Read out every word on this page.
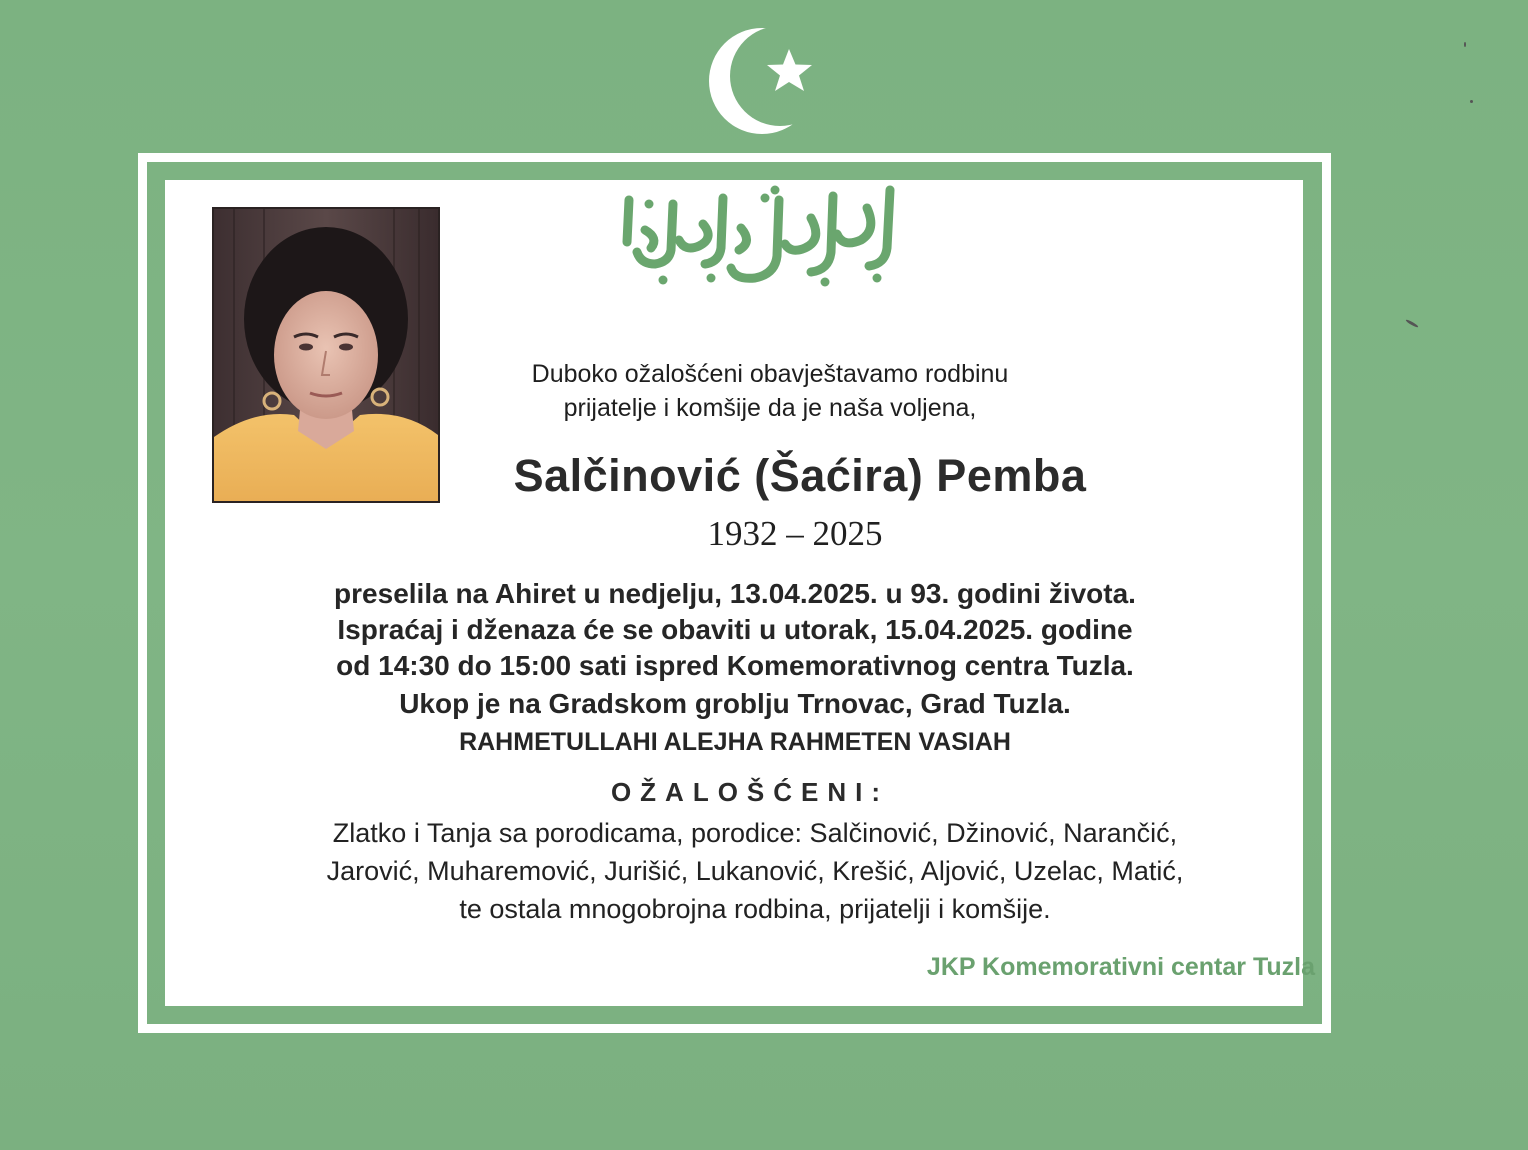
Duboko ožalošćeni obavještavamo rodbinu
prijatelje i komšije da je naša voljena,
Salčinović (Šaćira) Pemba
1932 – 2025
preselila na Ahiret u nedjelju, 13.04.2025. u 93. godini života.
Ispraćaj i dženaza će se obaviti u utorak, 15.04.2025. godine
od 14:30 do 15:00 sati ispred Komemorativnog centra Tuzla.
Ukop je na Gradskom groblju Trnovac, Grad Tuzla.
RAHMETULLAHI ALEJHA RAHMETEN VASIAH
OŽALOŠĆENI:
Zlatko i Tanja sa porodicama, porodice: Salčinović, Džinović, Narančić,
Jarović, Muharemović, Jurišić, Lukanović, Krešić, Aljović, Uzelac, Matić,
te ostala mnogobrojna rodbina, prijatelji i komšije.
JKP Komemorativni centar Tuzla
